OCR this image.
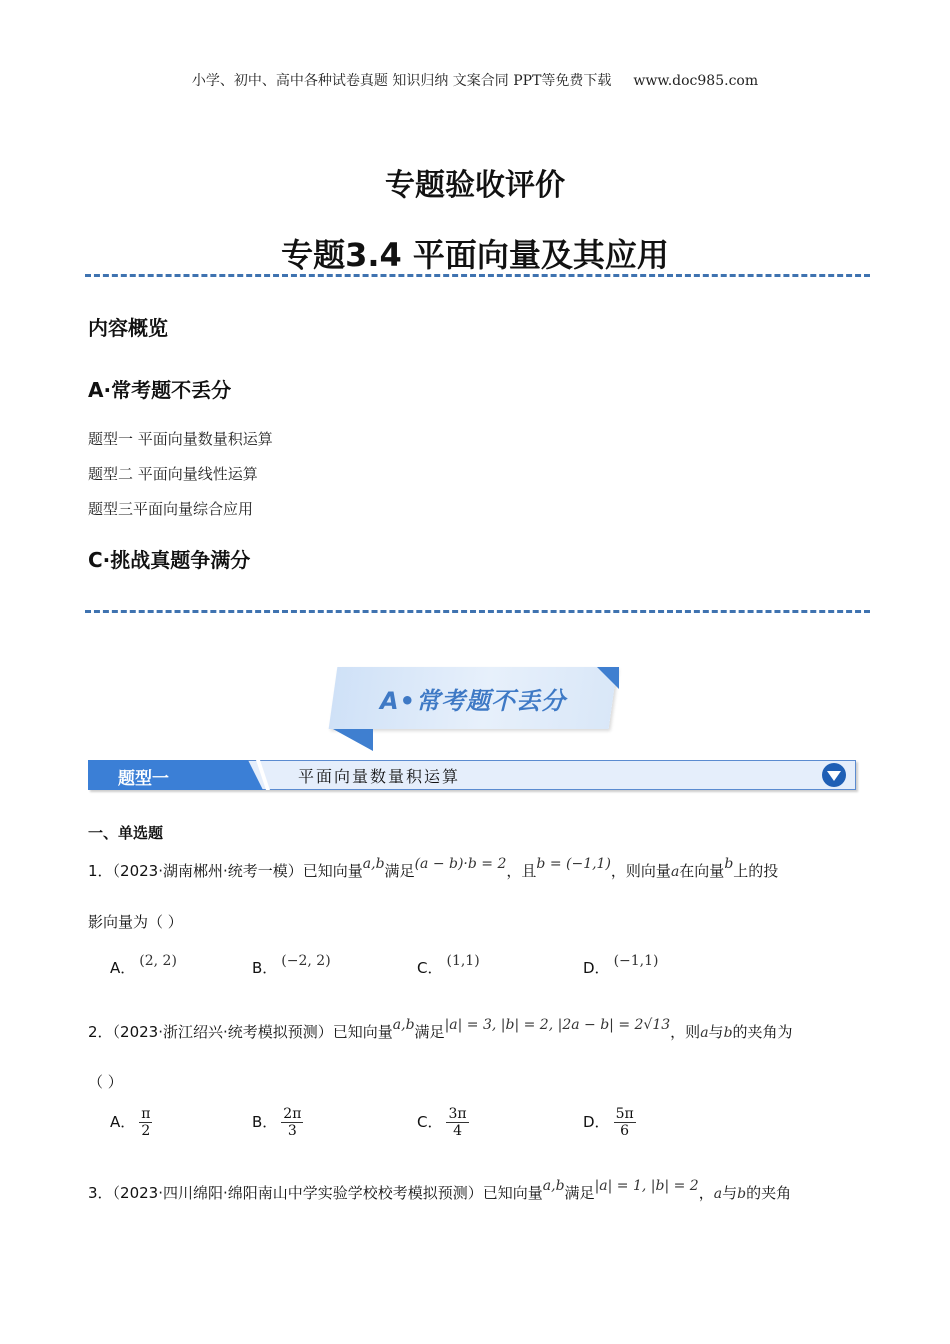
小学、初中、高中各种试卷真题 知识归纳 文案合同 PPT等免费下载 www.doc985.com
专题验收评价
专题3.4 平面向量及其应用
内容概览
A·常考题不丢分
题型一 平面向量数量积运算
题型二 平面向量线性运算
题型三平面向量综合应用
C·挑战真题争满分
A•常考题不丢分
题型一	平面向量数量积运算
一、单选题
1．（2023·湖南郴州·统考一模）已知向量a,b满足(a − b)·b = 2，且b = (−1,1)，则向量a在向量b上的投
影向量为（ ）
A． (2, 2)	B． (−2, 2)	C． (1,1)	D． (−1,1)
2．（2023·浙江绍兴·统考模拟预测）已知向量a,b满足|a| = 3, |b| = 2, |2a − b| = 2√13，则a与b的夹角为
（ ）
A． $\frac{\pi}{2}$	B． $\frac{2\pi}{3}$	C． $\frac{3\pi}{4}$	D． $\frac{5\pi}{6}$
3．（2023·四川绵阳·绵阳南山中学实验学校校考模拟预测）已知向量a,b满足|a| = 1, |b| = 2，a与b的夹角
